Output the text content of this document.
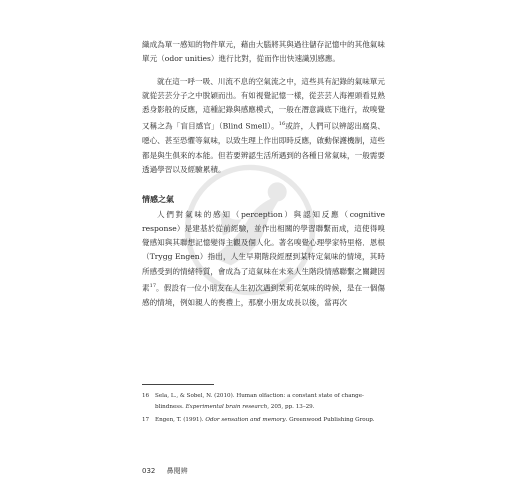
織成為單一感知的物件單元，藉由大腦將其與過往儲存記憶中的其他氣味單元（odor unities）進行比對，從而作出快速識別感應。

就在這一呼一吸、川流不息的空氣流之中，這些具有記錄的氣味單元就從芸芸分子之中脫穎而出。有如視覺記憶一樣，從芸芸人海裡頭看見熟悉身影般的反應，這種記錄與感應模式，一般在潛意識底下進行，故嗅覺又稱之為「盲目感官」（Blind Smell）。$^{16}$或許，人們可以辨認出腐臭、噁心、甚至恐懼等氣味，以致生理上作出即時反應，啟動保護機制，這些都是與生俱來的本能。但若要辨認生活所遇到的各種日常氣味，一般需要透過學習以及經驗累積。

情感之氣

人們對氣味的感知（perception）與認知反應（cognitive response）是建基於從前經驗，並作出相關的學習聯繫而成，這使得嗅覺感知與其聯想記憶變得主觀及個人化。著名嗅覺心理學家特里格．恩根（Trygg Engen）指出，人生早期階段經歷到某特定氣味的情境，其時所感受到的情緒特質，會成為了這氣味在未來人生階段情感聯繫之關鍵因素$^{17}$。假設有一位小朋友在人生初次遇到茉莉花氣味的時候，是在一個傷感的情境，例如親人的喪禮上，那麼小朋友成長以後，當再次

16	Sela, L., & Sobel, N. (2010). Human olfaction: a constant state of change-blindness. Experimental brain research, 205, pp. 13–29.
17	Engen, T. (1991). Odor sensation and memory. Greenwood Publishing Group.
032 鼻閱辨
